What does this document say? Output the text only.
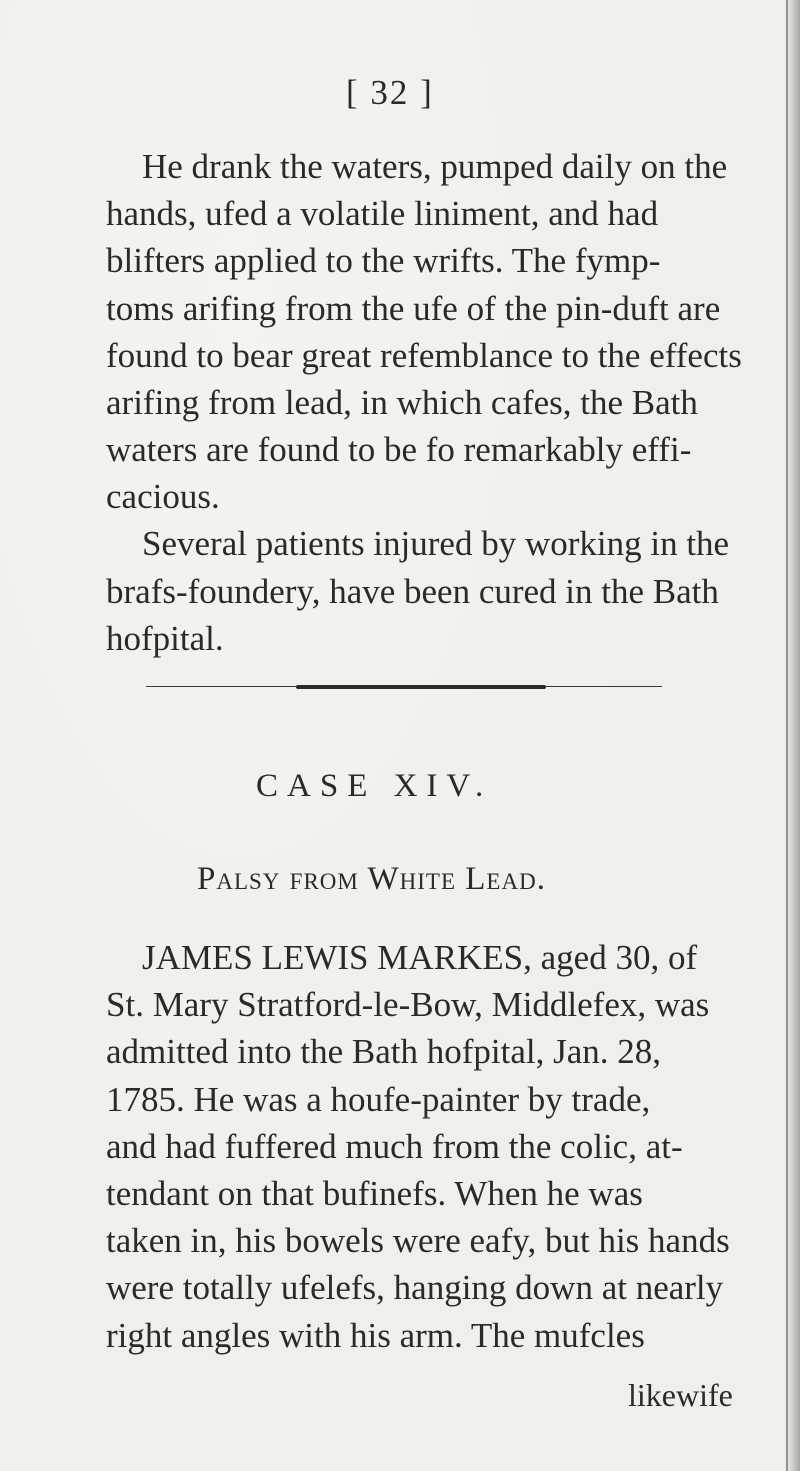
[ 32 ]
He drank the waters, pumped daily on the
hands, ufed a volatile liniment, and had
blifters applied to the wrifts. The fymp-
toms arifing from the ufe of the pin-duft are
found to bear great refemblance to the effects
arifing from lead, in which cafes, the Bath
waters are found to be fo remarkably effi-
cacious.
Several patients injured by working in the
brafs-foundery, have been cured in the Bath
hofpital.
CASE XIV.
Palsy from White Lead.
JAMES LEWIS MARKES, aged 30, of
St. Mary Stratford-le-Bow, Middlefex, was
admitted into the Bath hofpital, Jan. 28,
1785. He was a houfe-painter by trade,
and had fuffered much from the colic, at-
tendant on that bufinefs. When he was
taken in, his bowels were eafy, but his hands
were totally ufelefs, hanging down at nearly
right angles with his arm. The mufcles
likewife
